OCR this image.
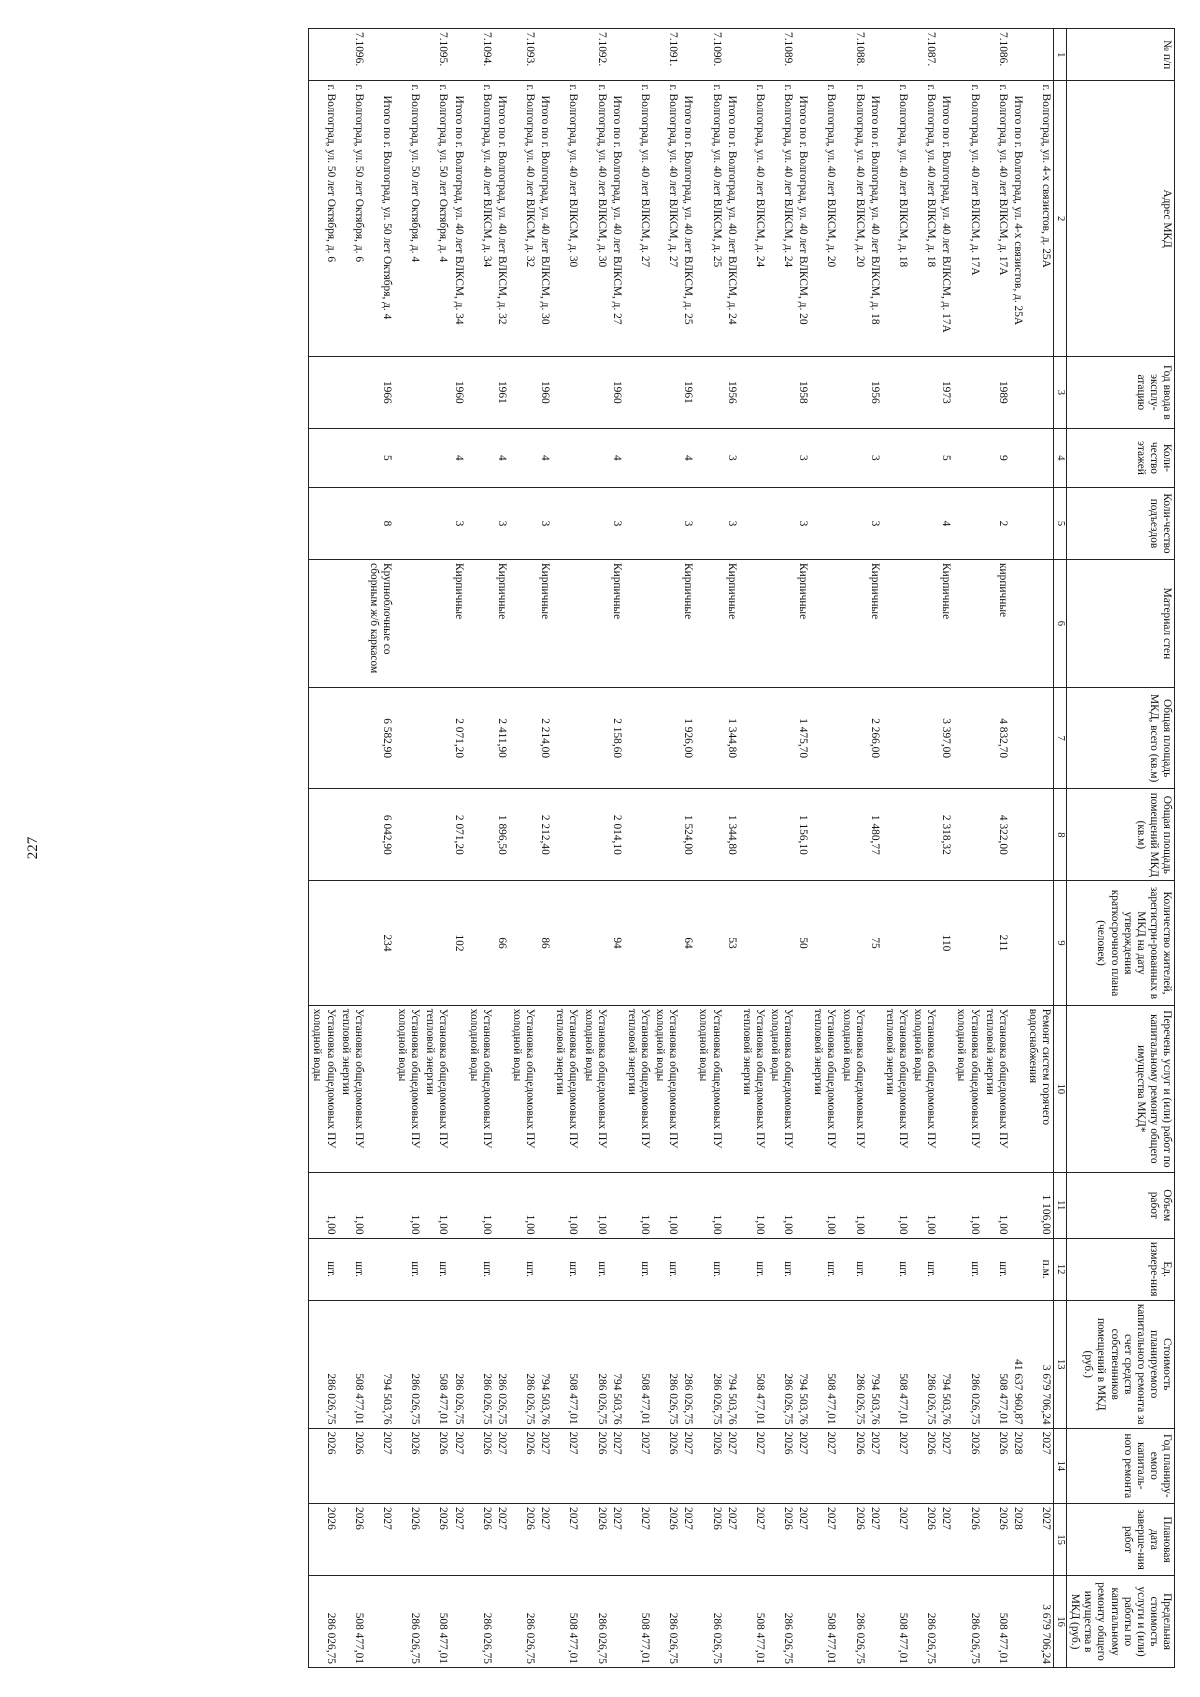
227
№ п/п	Адрес МКД	Год ввода в эксплу-атацию	Коли-чество этажей	Коли-чество подъездов	Материал стен	Общая площадь МКД, всего (кв.м)	Общая площадь помещений МКД (кв.м)	Количество жителей, зарегистри-рованных в МКД на дату утверждения краткосрочного плана (человек)	Перечень услуг и (или) работ по капитальному ремонту общего имущества МКД*	Объем работ	Ед. измере-ния	Стоимость планируемого капитального ремонта за счет средств собственников помещений в МКД (руб.)	Год планиру-емого капиталь-ного ремонта	Плановая дата заверше-ния работ	Предельная стоимость услуги и (или) работы по капитальному ремонту общего имущества в МКД (руб.)
1	2	3	4	5	6	7	8	9	10	11	12	13	14	15	16
	г. Волгоград, ул. 4-х связистов, д. 25А								Ремонт систем горячего водоснабжения	1 106,00	п.м.	3 679 706,24	2027	2027	3 679 706,24
	Итого по г. Волгоград, ул. 4-х связистов, д. 25А											41 637 960,87	2028	2028	
7.1086.	г. Волгоград, ул. 40 лет ВЛКСМ, д. 17А	1989	9	2	кирпичные	4 832,70	4 322,00	211	Установка общедомовых ПУ тепловой энергии	1,00	шт.	508 477,01	2026	2026	508 477,01
	г. Волгоград, ул. 40 лет ВЛКСМ, д. 17А								Установка общедомовых ПУ холодной воды	1,00	шт.	286 026,75	2026	2026	286 026,75
	Итого по г. Волгоград, ул. 40 лет ВЛКСМ, д. 17А	1973	5	4	Кирпичные	3 397,00	2 318,32	110				794 503,76	2027	2027	
7.1087.	г. Волгоград, ул. 40 лет ВЛКСМ, д. 18								Установка общедомовых ПУ холодной воды	1,00	шт.	286 026,75	2026	2026	286 026,75
	г. Волгоград, ул. 40 лет ВЛКСМ, д. 18								Установка общедомовых ПУ тепловой энергии	1,00	шт.	508 477,01	2027	2027	508 477,01
	Итого по г. Волгоград, ул. 40 лет ВЛКСМ, д. 18	1956	3	3	Кирпичные	2 266,00	1 480,77	75				794 503,76	2027	2027	
7.1088.	г. Волгоград, ул. 40 лет ВЛКСМ, д. 20								Установка общедомовых ПУ холодной воды	1,00	шт.	286 026,75	2026	2026	286 026,75
	г. Волгоград, ул. 40 лет ВЛКСМ, д. 20								Установка общедомовых ПУ тепловой энергии	1,00	шт.	508 477,01	2027	2027	508 477,01
	Итого по г. Волгоград, ул. 40 лет ВЛКСМ, д. 20	1958	3	3	Кирпичные	1 475,70	1 156,10	50				794 503,76	2027	2027	
7.1089.	г. Волгоград, ул. 40 лет ВЛКСМ, д. 24								Установка общедомовых ПУ холодной воды	1,00	шт.	286 026,75	2026	2026	286 026,75
	г. Волгоград, ул. 40 лет ВЛКСМ, д. 24								Установка общедомовых ПУ тепловой энергии	1,00	шт.	508 477,01	2027	2027	508 477,01
	Итого по г. Волгоград, ул. 40 лет ВЛКСМ, д. 24	1956	3	3	Кирпичные	1 344,80	1 344,80	53				794 503,76	2027	2027	
7.1090.	г. Волгоград, ул. 40 лет ВЛКСМ, д. 25								Установка общедомовых ПУ холодной воды	1,00	шт.	286 026,75	2026	2026	286 026,75
	Итого по г. Волгоград, ул. 40 лет ВЛКСМ, д. 25	1961	4	3	Кирпичные	1 926,00	1 524,00	64				286 026,75	2027	2027	
7.1091.	г. Волгоград, ул. 40 лет ВЛКСМ, д. 27								Установка общедомовых ПУ холодной воды	1,00	шт.	286 026,75	2026	2026	286 026,75
	г. Волгоград, ул. 40 лет ВЛКСМ, д. 27								Установка общедомовых ПУ тепловой энергии	1,00	шт.	508 477,01	2027	2027	508 477,01
	Итого по г. Волгоград, ул. 40 лет ВЛКСМ, д. 27	1960	4	3	Кирпичные	2 158,60	2 014,10	94				794 503,76	2027	2027	
7.1092.	г. Волгоград, ул. 40 лет ВЛКСМ, д. 30								Установка общедомовых ПУ холодной воды	1,00	шт.	286 026,75	2026	2026	286 026,75
	г. Волгоград, ул. 40 лет ВЛКСМ, д. 30								Установка общедомовых ПУ тепловой энергии	1,00	шт.	508 477,01	2027	2027	508 477,01
	Итого по г. Волгоград, ул. 40 лет ВЛКСМ, д. 30	1960	4	3	Кирпичные	2 214,00	2 212,40	86				794 503,76	2027	2027	
7.1093.	г. Волгоград, ул. 40 лет ВЛКСМ, д. 32								Установка общедомовых ПУ холодной воды	1,00	шт.	286 026,75	2026	2026	286 026,75
	Итого по г. Волгоград, ул. 40 лет ВЛКСМ, д. 32	1961	4	3	Кирпичные	2 411,90	1 896,50	66				286 026,75	2027	2027	
7.1094.	г. Волгоград, ул. 40 лет ВЛКСМ, д. 34								Установка общедомовых ПУ холодной воды	1,00	шт.	286 026,75	2026	2026	286 026,75
	Итого по г. Волгоград, ул. 40 лет ВЛКСМ, д. 34	1960	4	3	Кирпичные	2 071,20	2 071,20	102				286 026,75	2027	2027	
7.1095.	г. Волгоград, ул. 50 лет Октября, д. 4								Установка общедомовых ПУ тепловой энергии	1,00	шт.	508 477,01	2026	2026	508 477,01
	г. Волгоград, ул. 50 лет Октября, д. 4								Установка общедомовых ПУ холодной воды	1,00	шт.	286 026,75	2026	2026	286 026,75
	Итого по г. Волгоград, ул. 50 лет Октября, д. 4	1966	5	8	Крупноблочные со сборным ж/б каркасом	6 582,90	6 042,90	234				794 503,76	2027	2027	
7.1096.	г. Волгоград, ул. 50 лет Октября, д. 6								Установка общедомовых ПУ тепловой энергии	1,00	шт.	508 477,01	2026	2026	508 477,01
	г. Волгоград, ул. 50 лет Октября, д. 6								Установка общедомовых ПУ холодной воды	1,00	шт.	286 026,75	2026	2026	286 026,75
